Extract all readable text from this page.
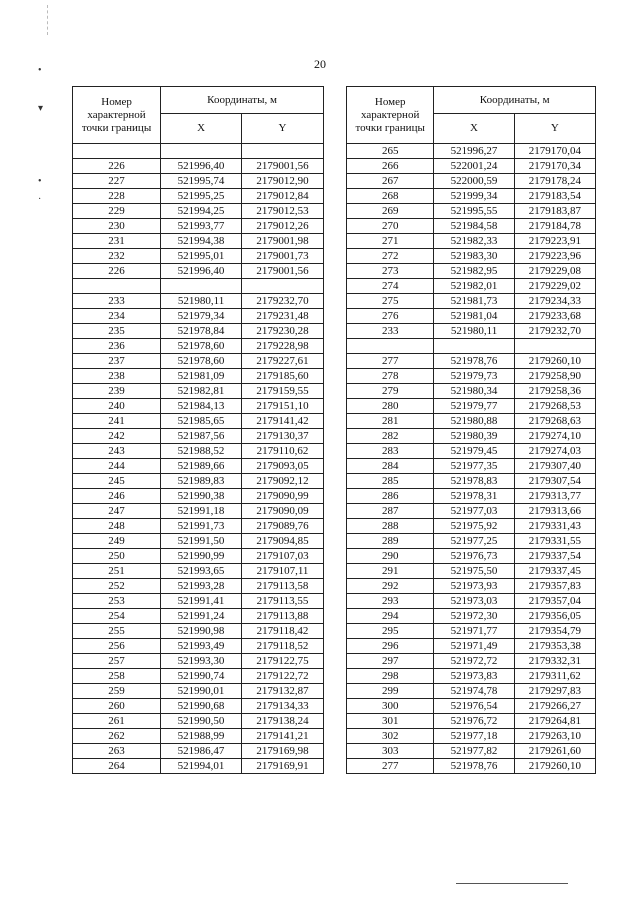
•
▾
•
·
20
Номер характерной точки границы	Координаты, м	
	X	Y

226	521996,40	2179001,56
227	521995,74	2179012,90
228	521995,25	2179012,84
229	521994,25	2179012,53
230	521993,77	2179012,26
231	521994,38	2179001,98
232	521995,01	2179001,73
226	521996,40	2179001,56

233	521980,11	2179232,70
234	521979,34	2179231,48
235	521978,84	2179230,28
236	521978,60	2179228,98
237	521978,60	2179227,61
238	521981,09	2179185,60
239	521982,81	2179159,55
240	521984,13	2179151,10
241	521985,65	2179141,42
242	521987,56	2179130,37
243	521988,52	2179110,62
244	521989,66	2179093,05
245	521989,83	2179092,12
246	521990,38	2179090,99
247	521991,18	2179090,09
248	521991,73	2179089,76
249	521991,50	2179094,85
250	521990,99	2179107,03
251	521993,65	2179107,11
252	521993,28	2179113,58
253	521991,41	2179113,55
254	521991,24	2179113,88
255	521990,98	2179118,42
256	521993,49	2179118,52
257	521993,30	2179122,75
258	521990,74	2179122,72
259	521990,01	2179132,87
260	521990,68	2179134,33
261	521990,50	2179138,24
262	521988,99	2179141,21
263	521986,47	2179169,98
264	521994,01	2179169,91
Номер характерной точки границы	Координаты, м	
	X	Y
265	521996,27	2179170,04
266	522001,24	2179170,34
267	522000,59	2179178,24
268	521999,34	2179183,54
269	521995,55	2179183,87
270	521984,58	2179184,78
271	521982,33	2179223,91
272	521983,30	2179223,96
273	521982,95	2179229,08
274	521982,01	2179229,02
275	521981,73	2179234,33
276	521981,04	2179233,68
233	521980,11	2179232,70

277	521978,76	2179260,10
278	521979,73	2179258,90
279	521980,34	2179258,36
280	521979,77	2179268,53
281	521980,88	2179268,63
282	521980,39	2179274,10
283	521979,45	2179274,03
284	521977,35	2179307,40
285	521978,83	2179307,54
286	521978,31	2179313,77
287	521977,03	2179313,66
288	521975,92	2179331,43
289	521977,25	2179331,55
290	521976,73	2179337,54
291	521975,50	2179337,45
292	521973,93	2179357,83
293	521973,03	2179357,04
294	521972,30	2179356,05
295	521971,77	2179354,79
296	521971,49	2179353,38
297	521972,72	2179332,31
298	521973,83	2179311,62
299	521974,78	2179297,83
300	521976,54	2179266,27
301	521976,72	2179264,81
302	521977,18	2179263,10
303	521977,82	2179261,60
277	521978,76	2179260,10
